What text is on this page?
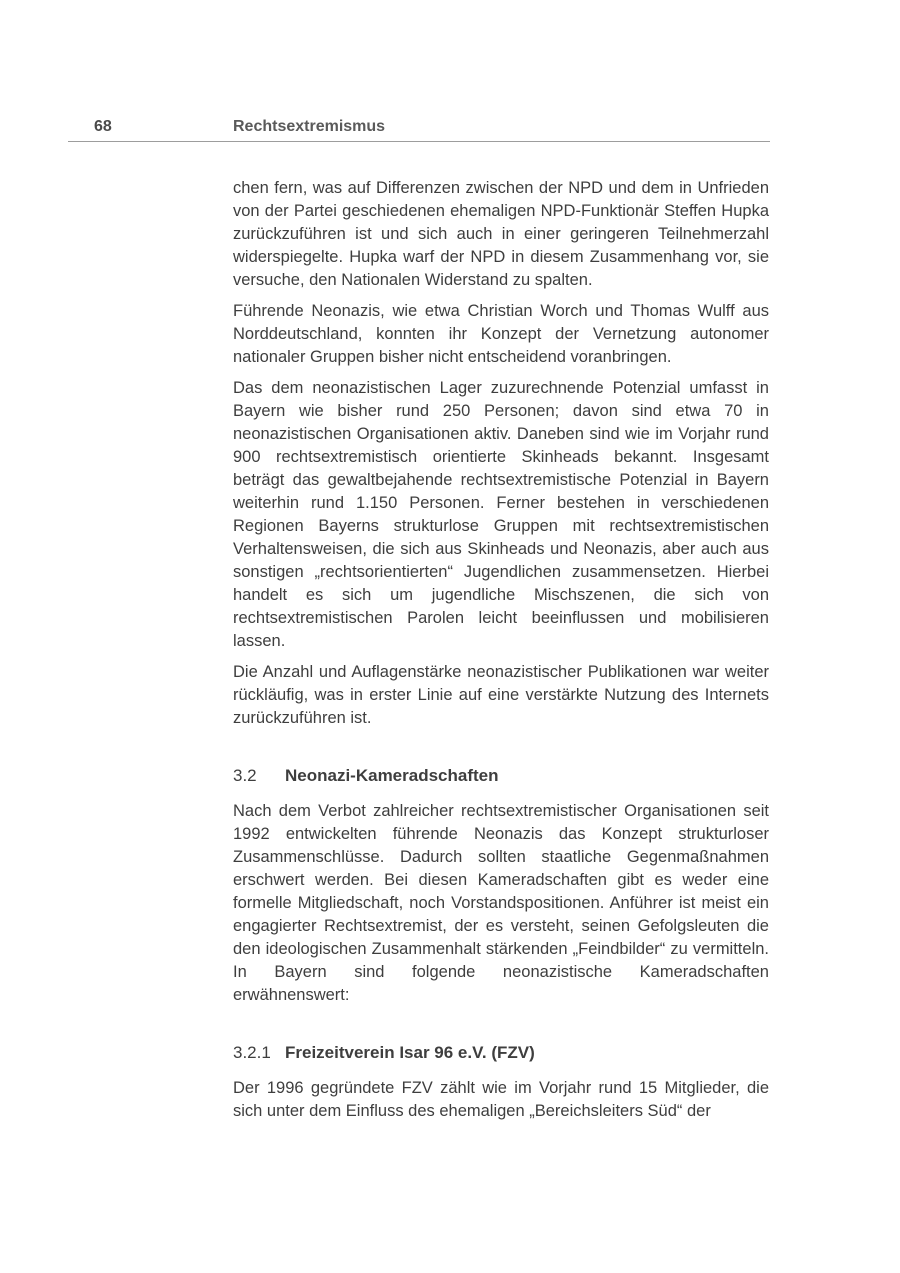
68	Rechtsextremismus

chen fern, was auf Differenzen zwischen der NPD und dem in Unfrieden von der Partei geschiedenen ehemaligen NPD-Funktionär Steffen Hupka zurückzuführen ist und sich auch in einer geringeren Teilnehmerzahl widerspiegelte. Hupka warf der NPD in diesem Zusammenhang vor, sie versuche, den Nationalen Widerstand zu spalten.

Führende Neonazis, wie etwa Christian Worch und Thomas Wulff aus Norddeutschland, konnten ihr Konzept der Vernetzung autonomer nationaler Gruppen bisher nicht entscheidend voranbringen.

Das dem neonazistischen Lager zuzurechnende Potenzial umfasst in Bayern wie bisher rund 250 Personen; davon sind etwa 70 in neonazistischen Organisationen aktiv. Daneben sind wie im Vorjahr rund 900 rechtsextremistisch orientierte Skinheads bekannt. Insgesamt beträgt das gewaltbejahende rechtsextremistische Potenzial in Bayern weiterhin rund 1.150 Personen. Ferner bestehen in verschiedenen Regionen Bayerns strukturlose Gruppen mit rechtsextremistischen Verhaltensweisen, die sich aus Skinheads und Neonazis, aber auch aus sonstigen „rechtsorientierten“ Jugendlichen zusammensetzen. Hierbei handelt es sich um jugendliche Mischszenen, die sich von rechtsextremistischen Parolen leicht beeinflussen und mobilisieren lassen.

Die Anzahl und Auflagenstärke neonazistischer Publikationen war weiter rückläufig, was in erster Linie auf eine verstärkte Nutzung des Internets zurückzuführen ist.

3.2	Neonazi-Kameradschaften

Nach dem Verbot zahlreicher rechtsextremistischer Organisationen seit 1992 entwickelten führende Neonazis das Konzept strukturloser Zusammenschlüsse. Dadurch sollten staatliche Gegenmaßnahmen erschwert werden. Bei diesen Kameradschaften gibt es weder eine formelle Mitgliedschaft, noch Vorstandspositionen. Anführer ist meist ein engagierter Rechtsextremist, der es versteht, seinen Gefolgsleuten die den ideologischen Zusammenhalt stärkenden „Feindbilder“ zu vermitteln. In Bayern sind folgende neonazistische Kameradschaften erwähnenswert:

3.2.1 Freizeitverein Isar 96 e.V. (FZV)

Der 1996 gegründete FZV zählt wie im Vorjahr rund 15 Mitglieder, die sich unter dem Einfluss des ehemaligen „Bereichsleiters Süd“ der
